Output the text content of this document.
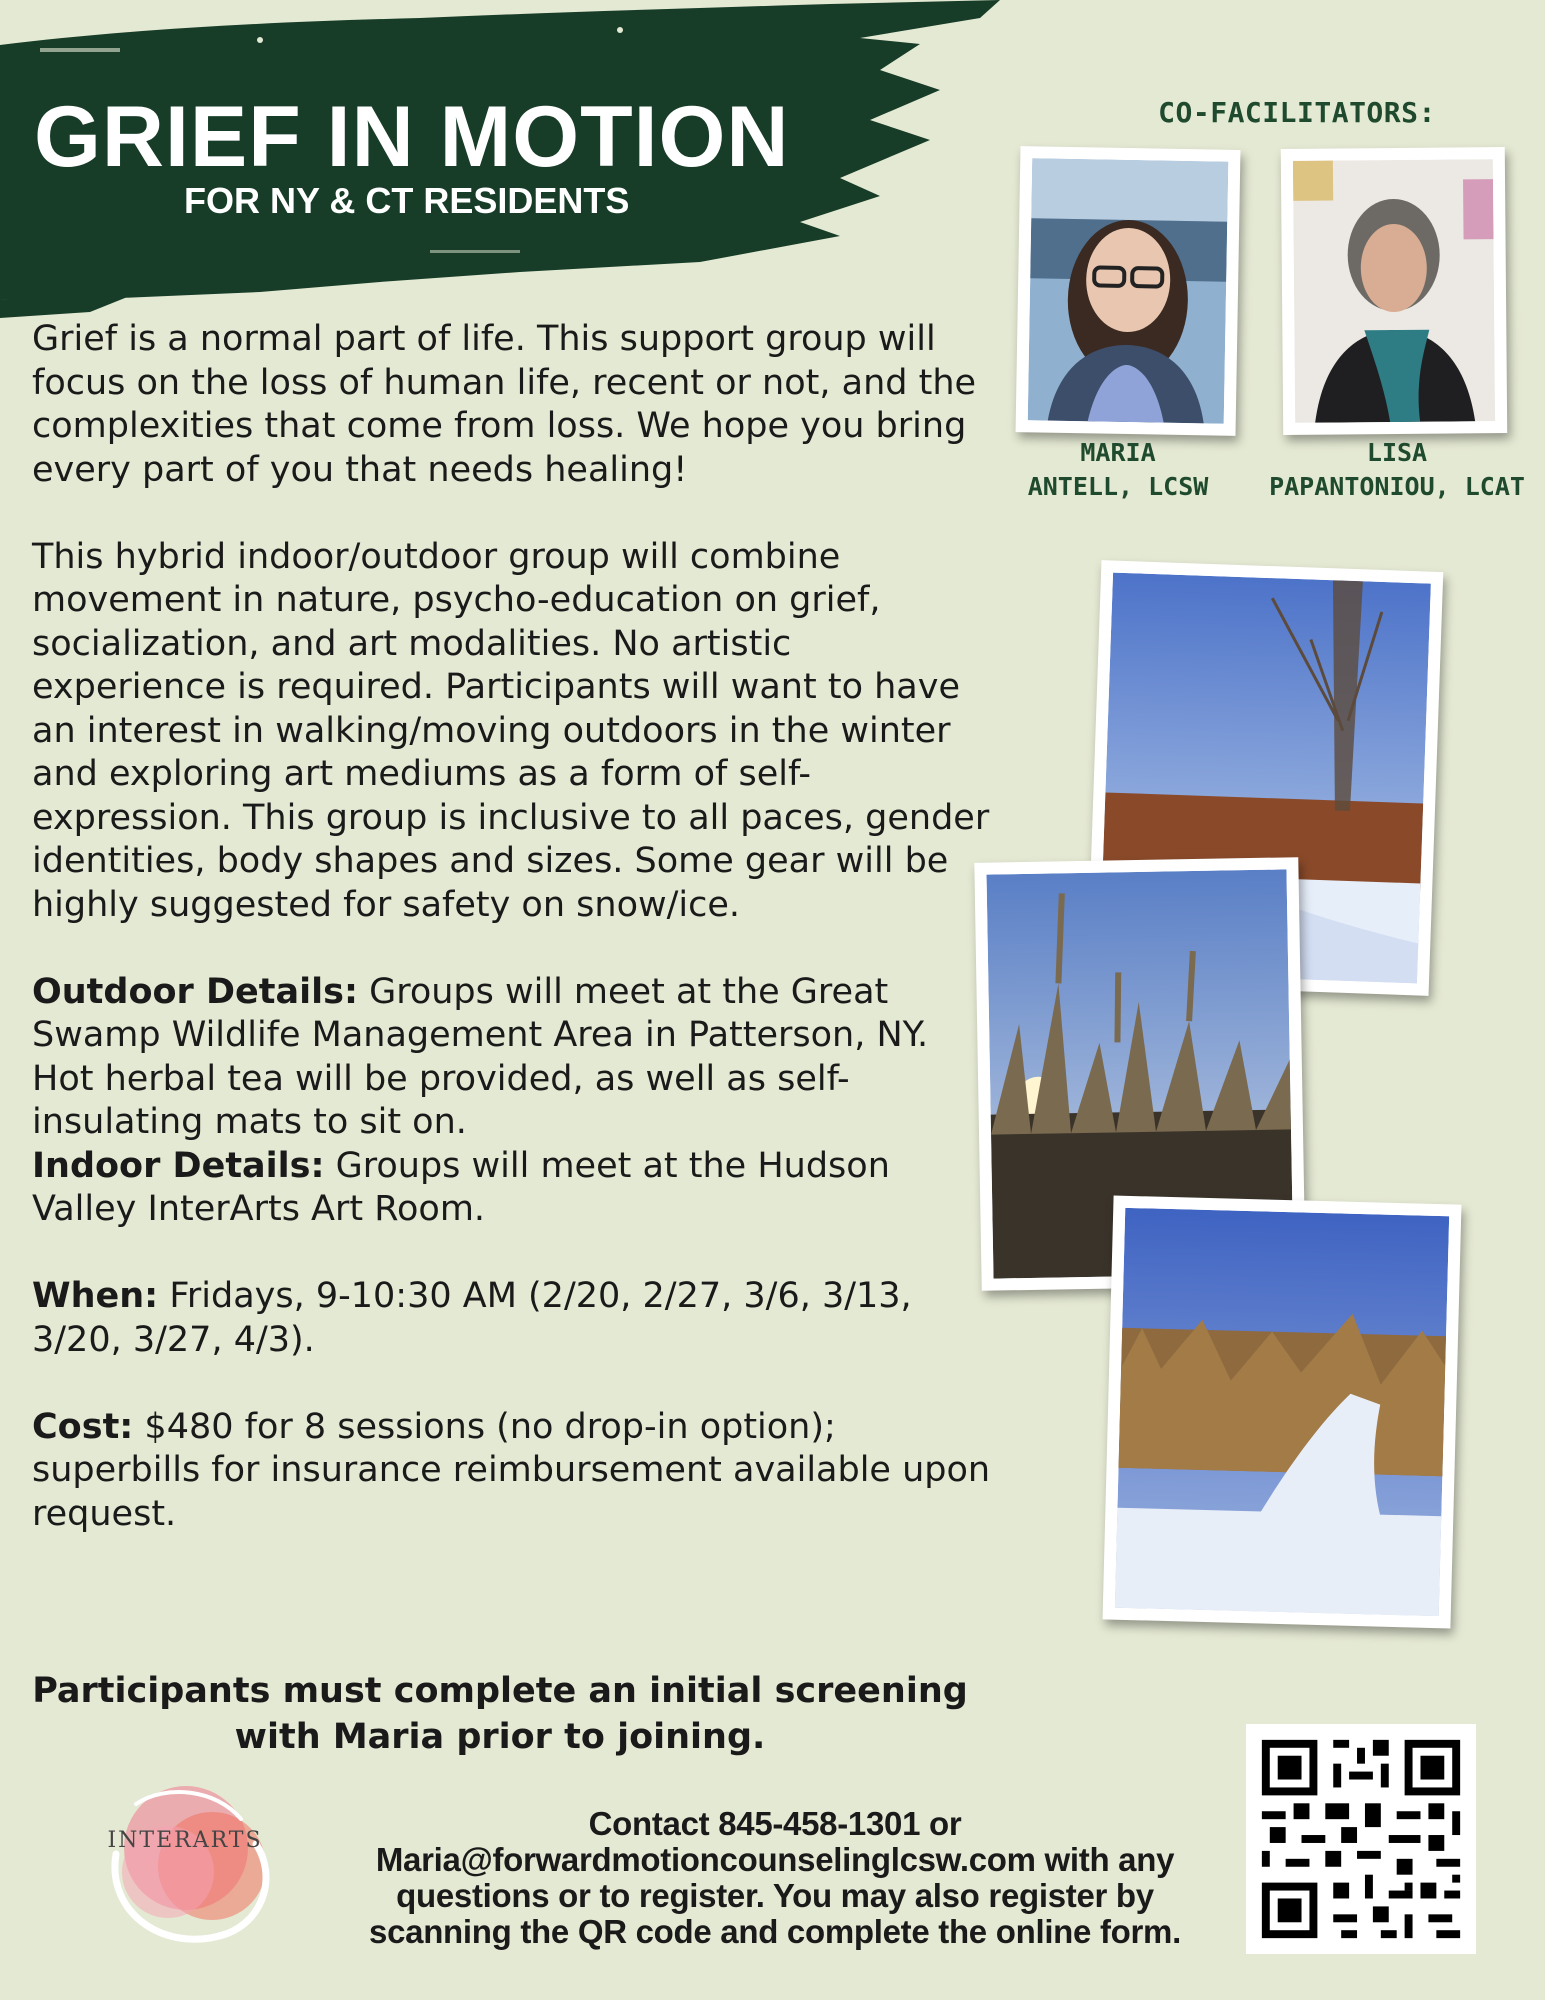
GRIEF IN MOTION
FOR NY & CT RESIDENTS

Grief is a normal part of life. This support group will focus on the loss of human life, recent or not, and the complexities that come from loss. We hope you bring every part of you that needs healing!

This hybrid indoor/outdoor group will combine movement in nature, psycho-education on grief, socialization, and art modalities. No artistic experience is required. Participants will want to have an interest in walking/moving outdoors in the winter and exploring art mediums as a form of self-expression. This group is inclusive to all paces, gender identities, body shapes and sizes. Some gear will be highly suggested for safety on snow/ice.

Outdoor Details: Groups will meet at the Great Swamp Wildlife Management Area in Patterson, NY. Hot herbal tea will be provided, as well as self-insulating mats to sit on.

Indoor Details: Groups will meet at the Hudson Valley InterArts Art Room.

When: Fridays, 9-10:30 AM (2/20, 2/27, 3/6, 3/13, 3/20, 3/27, 4/3).

Cost: $480 for 8 sessions (no drop-in option); superbills for insurance reimbursement available upon request.

Participants must complete an initial screening
with Maria prior to joining.
CO-FACILITATORS:
MARIA
ANTELL, LCSW
LISA
PAPANTONIOU, LCAT
INTERARTS	Contact 845-458-1301 or
Maria@forwardmotioncounselinglcsw.com with any
questions or to register. You may also register by
scanning the QR code and complete the online form.
